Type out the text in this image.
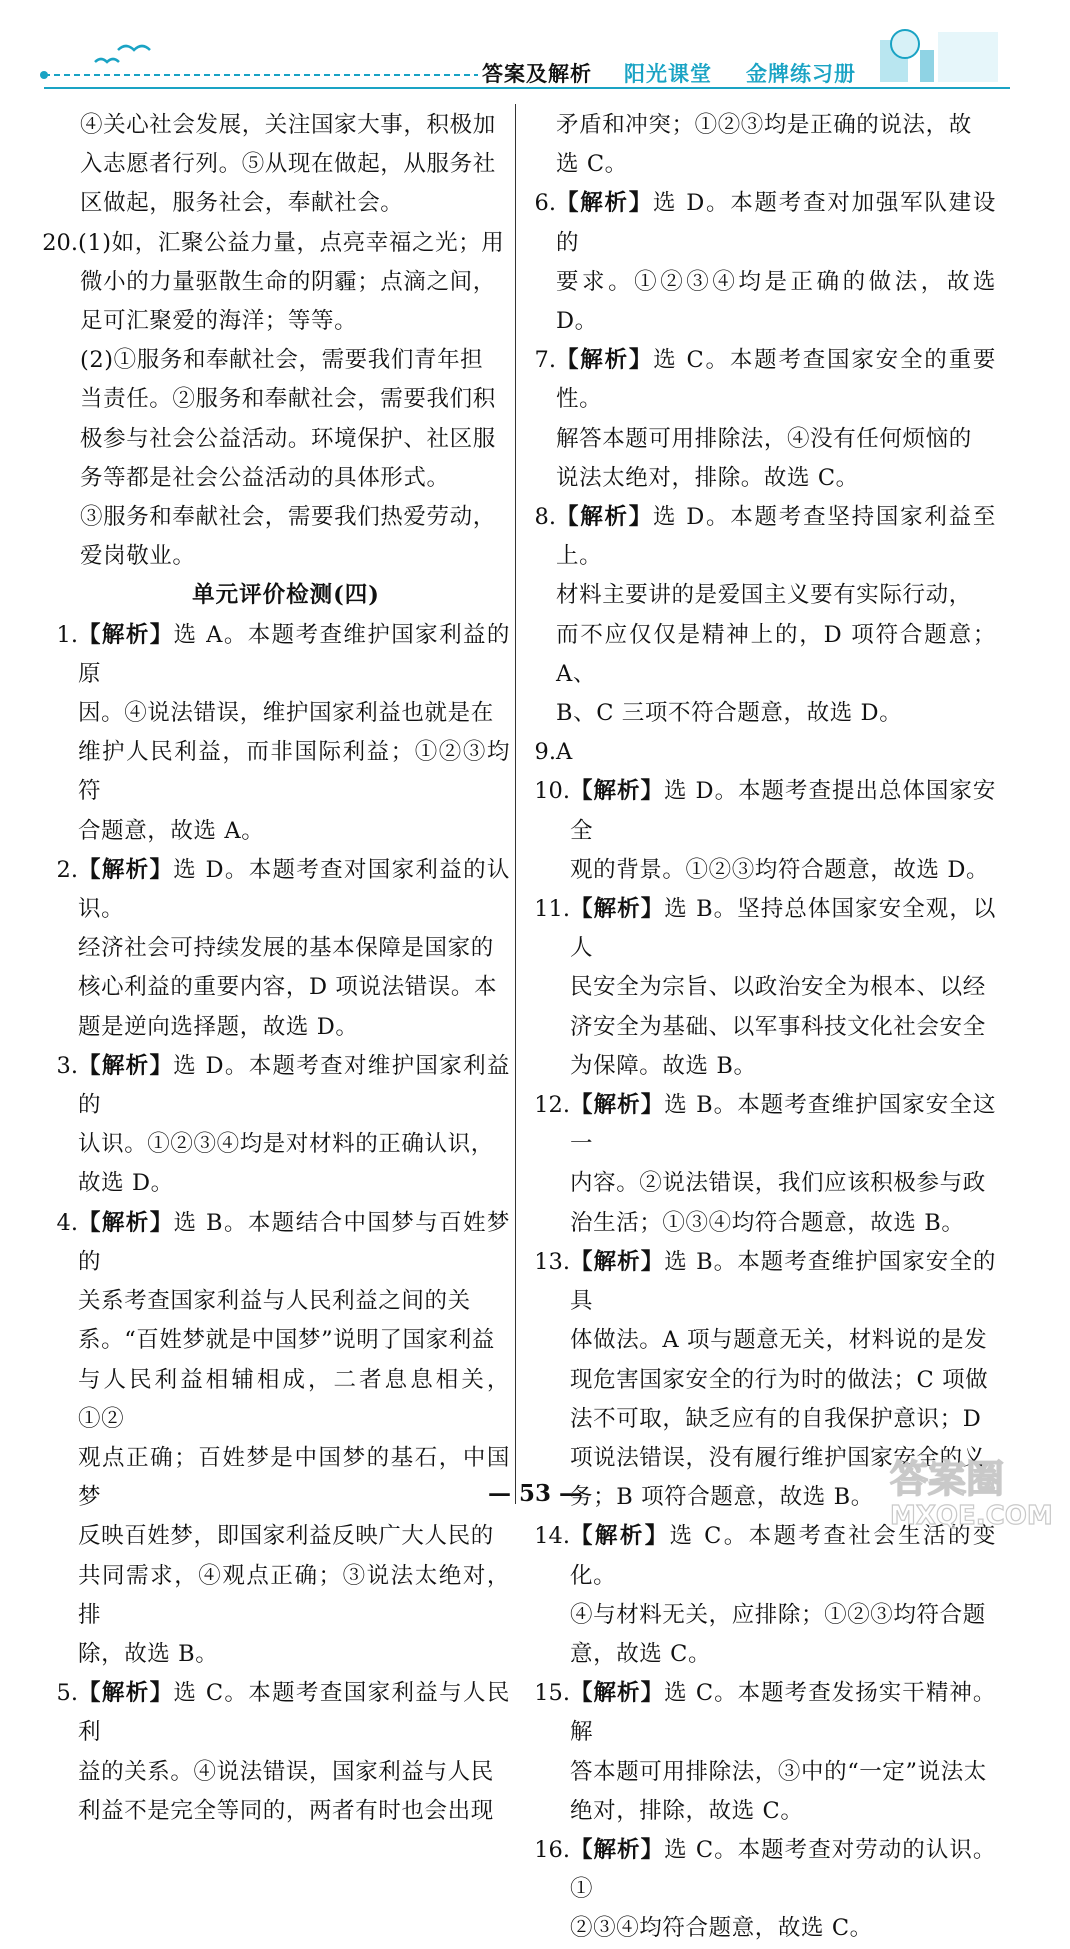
答案及解析 阳光课堂 金牌练习册
④关心社会发展，关注国家大事，积极加
入志愿者行列。⑤从现在做起，从服务社
区做起，服务社会，奉献社会。
20. (1)如，汇聚公益力量，点亮幸福之光；用
微小的力量驱散生命的阴霾；点滴之间，
足可汇聚爱的海洋；等等。
(2)①服务和奉献社会，需要我们青年担
当责任。②服务和奉献社会，需要我们积
极参与社会公益活动。环境保护、社区服
务等都是社会公益活动的具体形式。
③服务和奉献社会，需要我们热爱劳动，
爱岗敬业。
单元评价检测(四)
1. 【解析】选 A。本题考查维护国家利益的原
因。④说法错误，维护国家利益也就是在
维护人民利益，而非国际利益；①②③均符
合题意，故选 A。
2. 【解析】选 D。本题考查对国家利益的认识。
经济社会可持续发展的基本保障是国家的
核心利益的重要内容，D 项说法错误。本
题是逆向选择题，故选 D。
3. 【解析】选 D。本题考查对维护国家利益的
认识。①②③④均是对材料的正确认识，
故选 D。
4. 【解析】选 B。本题结合中国梦与百姓梦的
关系考查国家利益与人民利益之间的关
系。“百姓梦就是中国梦”说明了国家利益
与人民利益相辅相成，二者息息相关，①②
观点正确；百姓梦是中国梦的基石，中国梦
反映百姓梦，即国家利益反映广大人民的
共同需求，④观点正确；③说法太绝对，排
除，故选 B。
5. 【解析】选 C。本题考查国家利益与人民利
益的关系。④说法错误，国家利益与人民
利益不是完全等同的，两者有时也会出现
矛盾和冲突；①②③均是正确的说法，故
选 C。
6. 【解析】选 D。本题考查对加强军队建设的
要求。①②③④均是正确的做法，故选 D。
7. 【解析】选 C。本题考查国家安全的重要性。
解答本题可用排除法，④没有任何烦恼的
说法太绝对，排除。故选 C。
8. 【解析】选 D。本题考查坚持国家利益至上。
材料主要讲的是爱国主义要有实际行动，
而不应仅仅是精神上的，D 项符合题意；A、
B、C 三项不符合题意，故选 D。
9. A
10. 【解析】选 D。本题考查提出总体国家安全
观的背景。①②③均符合题意，故选 D。
11. 【解析】选 B。坚持总体国家安全观，以人
民安全为宗旨、以政治安全为根本、以经
济安全为基础、以军事科技文化社会安全
为保障。故选 B。
12. 【解析】选 B。本题考查维护国家安全这一
内容。②说法错误，我们应该积极参与政
治生活；①③④均符合题意，故选 B。
13. 【解析】选 B。本题考查维护国家安全的具
体做法。A 项与题意无关，材料说的是发
现危害国家安全的行为时的做法；C 项做
法不可取，缺乏应有的自我保护意识；D
项说法错误，没有履行维护国家安全的义
务；B 项符合题意，故选 B。
14. 【解析】选 C。本题考查社会生活的变化。
④与材料无关，应排除；①②③均符合题
意，故选 C。
15. 【解析】选 C。本题考查发扬实干精神。解
答本题可用排除法，③中的“一定”说法太
绝对，排除，故选 C。
16. 【解析】选 C。本题考查对劳动的认识。①
②③④均符合题意，故选 C。
— 53 —	答案圈
MXQE.COM
